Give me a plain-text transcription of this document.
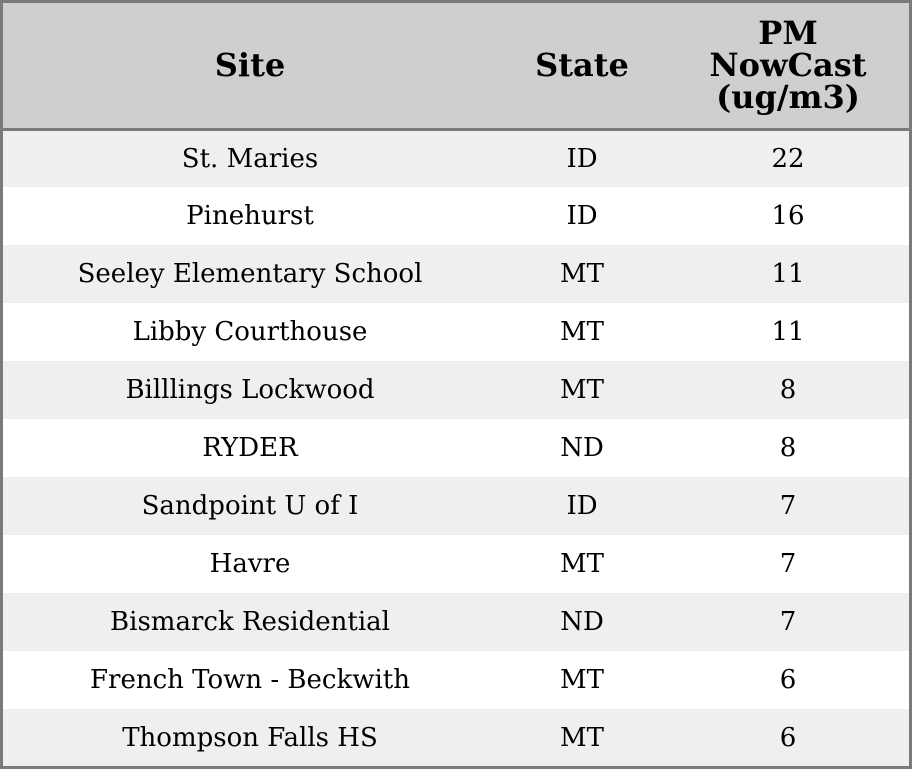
Site	State	PM
NowCast
(ug/m3)
St. Maries	ID	22
Pinehurst	ID	16
Seeley Elementary School	MT	11
Libby Courthouse	MT	11
Billlings Lockwood	MT	8
RYDER	ND	8
Sandpoint U of I	ID	7
Havre	MT	7
Bismarck Residential	ND	7
French Town - Beckwith	MT	6
Thompson Falls HS	MT	6
